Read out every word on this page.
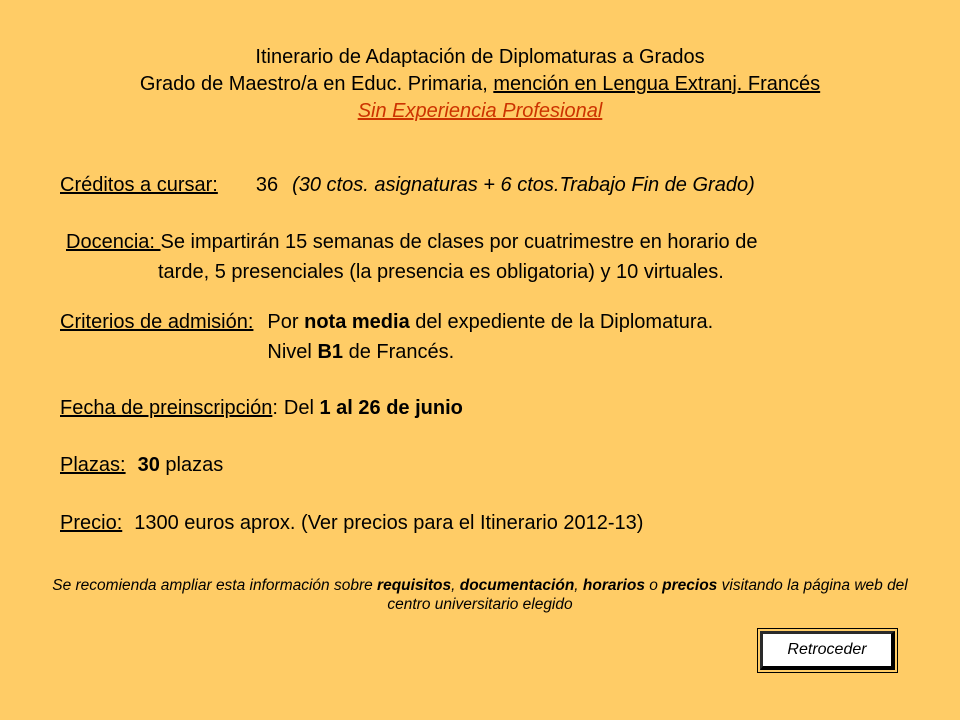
Itinerario de Adaptación de Diplomaturas a Grados
Grado de Maestro/a en Educ. Primaria, mención en Lengua Extranj. Francés
Sin Experiencia Profesional
Créditos a cursar: 36 (30 ctos. asignaturas + 6 ctos.Trabajo Fin de Grado)
Docencia: Se impartirán 15 semanas de clases por cuatrimestre en horario de
tarde, 5 presenciales (la presencia es obligatoria) y 10 virtuales.
Criterios de admisión: Por nota media del expediente de la Diplomatura.
Nivel B1 de Francés.
Fecha de preinscripción: Del 1 al 26 de junio
Plazas: 30 plazas
Precio: 1300 euros aprox. (Ver precios para el Itinerario 2012-13)
Se recomienda ampliar esta información sobre requisitos, documentación, horarios o precios visitando la página web del centro universitario elegido
Retroceder
